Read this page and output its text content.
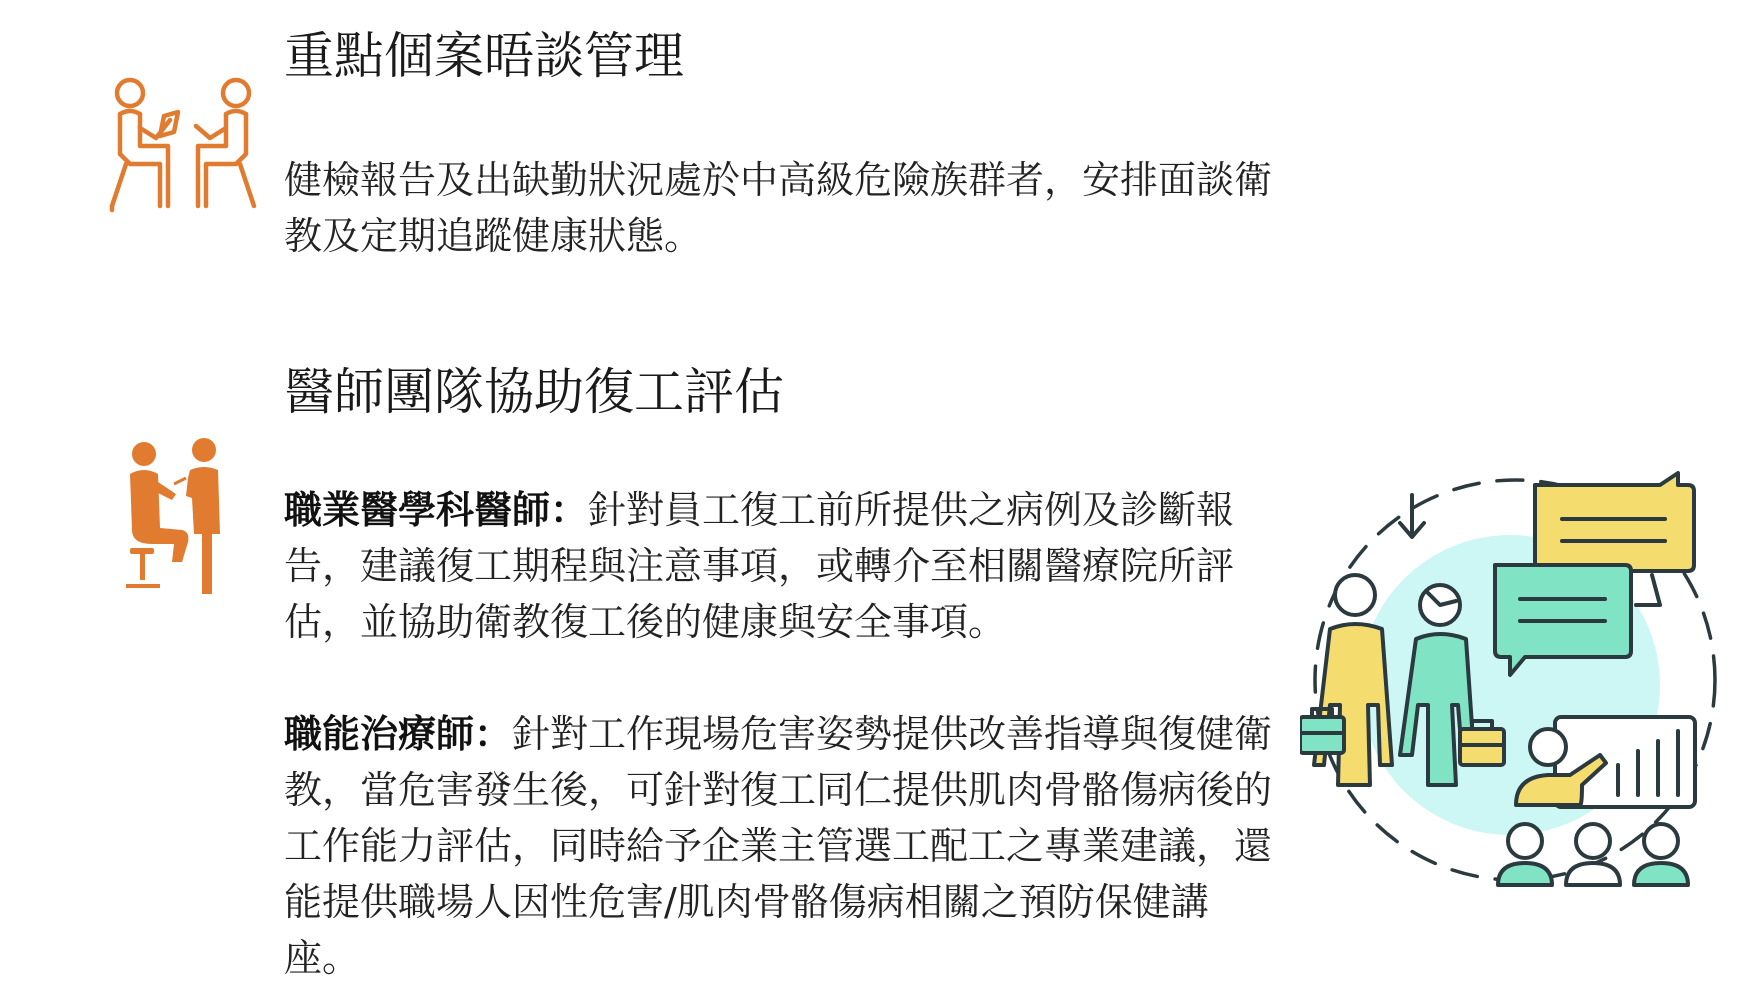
重點個案晤談管理

健檢報告及出缺勤狀況處於中高級危險族群者，安排面談衛教及定期追蹤健康狀態。

醫師團隊協助復工評估

職業醫學科醫師：針對員工復工前所提供之病例及診斷報告，建議復工期程與注意事項，或轉介至相關醫療院所評估，並協助衛教復工後的健康與安全事項。

職能治療師：針對工作現場危害姿勢提供改善指導與復健衛教，當危害發生後，可針對復工同仁提供肌肉骨骼傷病後的工作能力評估，同時給予企業主管選工配工之專業建議，還能提供職場人因性危害/肌肉骨骼傷病相關之預防保健講座。
